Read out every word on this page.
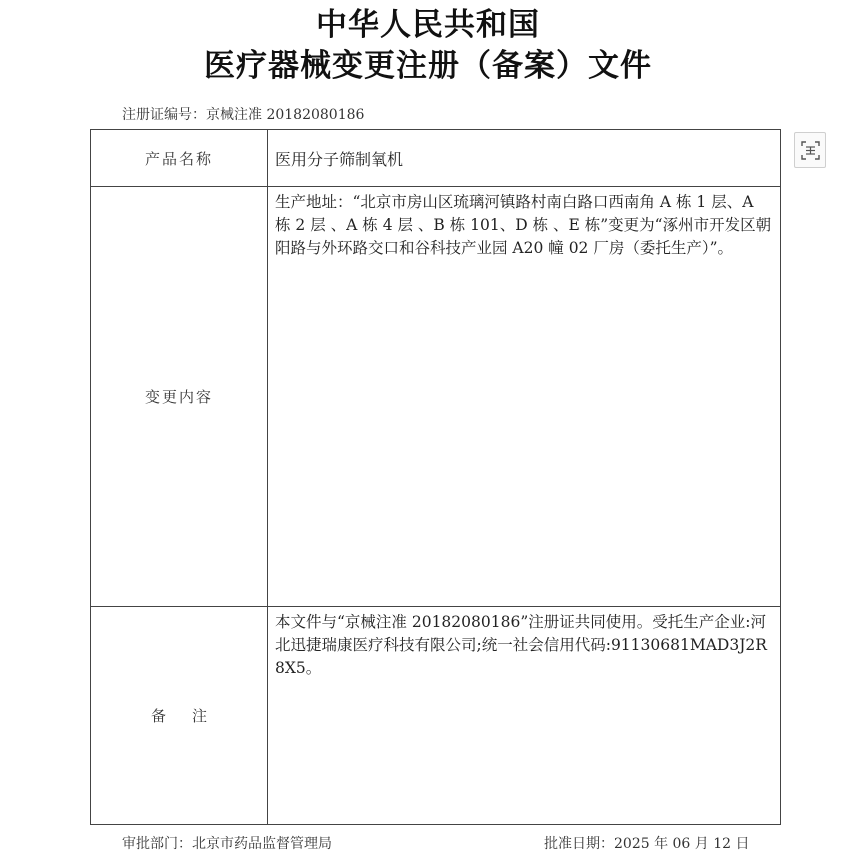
中华人民共和国
医疗器械变更注册（备案）文件
注册证编号：京械注准 20182080186
产品名称	医用分子筛制氧机
变更内容	生产地址：“北京市房山区琉璃河镇路村南白路口西南角 A 栋 1 层、A 栋 2 层 、A 栋 4 层 、B 栋 101、D 栋 、E 栋”变更为“涿州市开发区朝阳路与外环路交口和谷科技产业园 A20 幢 02 厂房（委托生产）”。
备注	本文件与“京械注准 20182080186”注册证共同使用。受托生产企业:河北迅捷瑞康医疗科技有限公司;统一社会信用代码:91130681MAD3J2R8X5。
审批部门：北京市药品监督管理局	批准日期：2025 年 06 月 12 日
